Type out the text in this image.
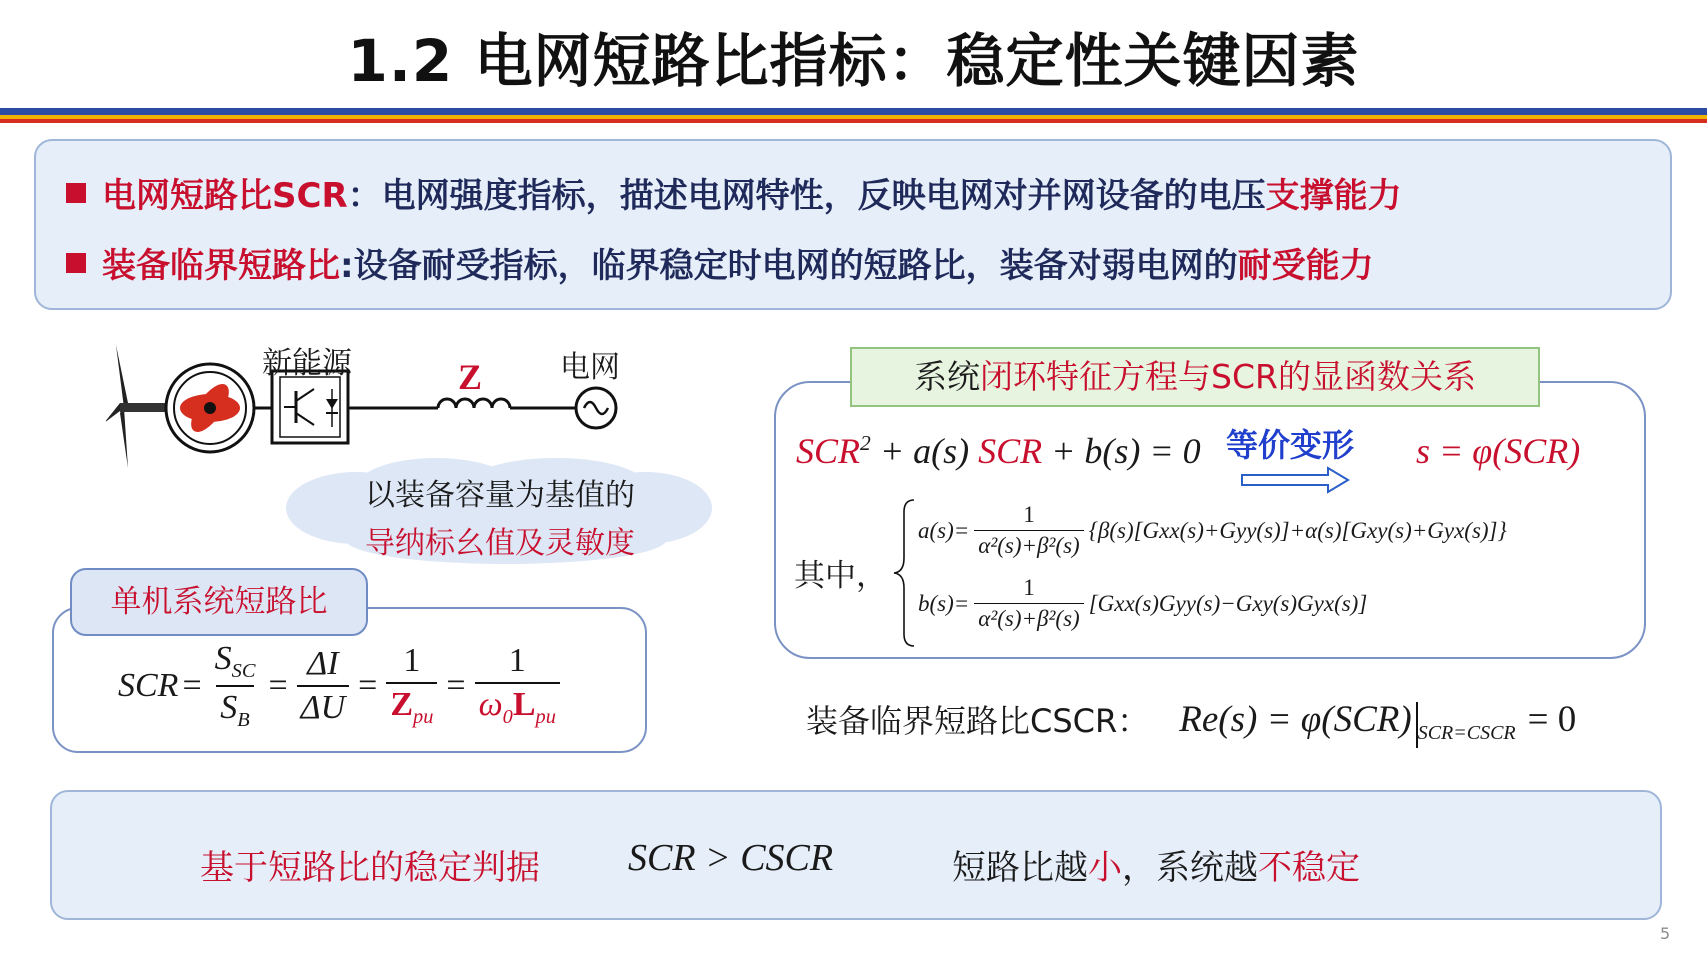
1.2 电网短路比指标：稳定性关键因素
电网短路比SCR：电网强度指标，描述电网特性，反映电网对并网设备的电压支撑能力
装备临界短路比:设备耐受指标，临界稳定时电网的短路比，装备对弱电网的耐受能力
新能源	Z	电网
以装备容量为基值的
导纳标幺值及灵敏度
单机系统短路比
SCR = $\frac{S_{SC}}{S_B} = \frac{\Delta I}{\Delta U} = \frac{1}{Z_{pu}} = \frac{1}{\omega_0L_{pu}}$
系统闭环特征方程与SCR的显函数关系
$SCR^2 + a(s)$ SCR + b(s) = 0 等价变形 s = φ(SCR)
其中，
$a(s)= \frac{1}{\text{α²(s)+β²(s)}} \{\beta(s)[Gxx(s)+Gyy(s)]+\alpha(s)[Gxy(s)+Gyx(s)]\}$
$b(s)= \frac{1}{\text{α²(s)+β²(s)}} [Gxx(s)Gyy(s)-Gxy(s)Gyx(s)]$
装备临界短路比CSCR： Re(s) = φ(SCR) $_{SCR=CSCR}$ = 0
基于短路比的稳定判据 SCR > CSCR	短路比越小，系统越不稳定
5
